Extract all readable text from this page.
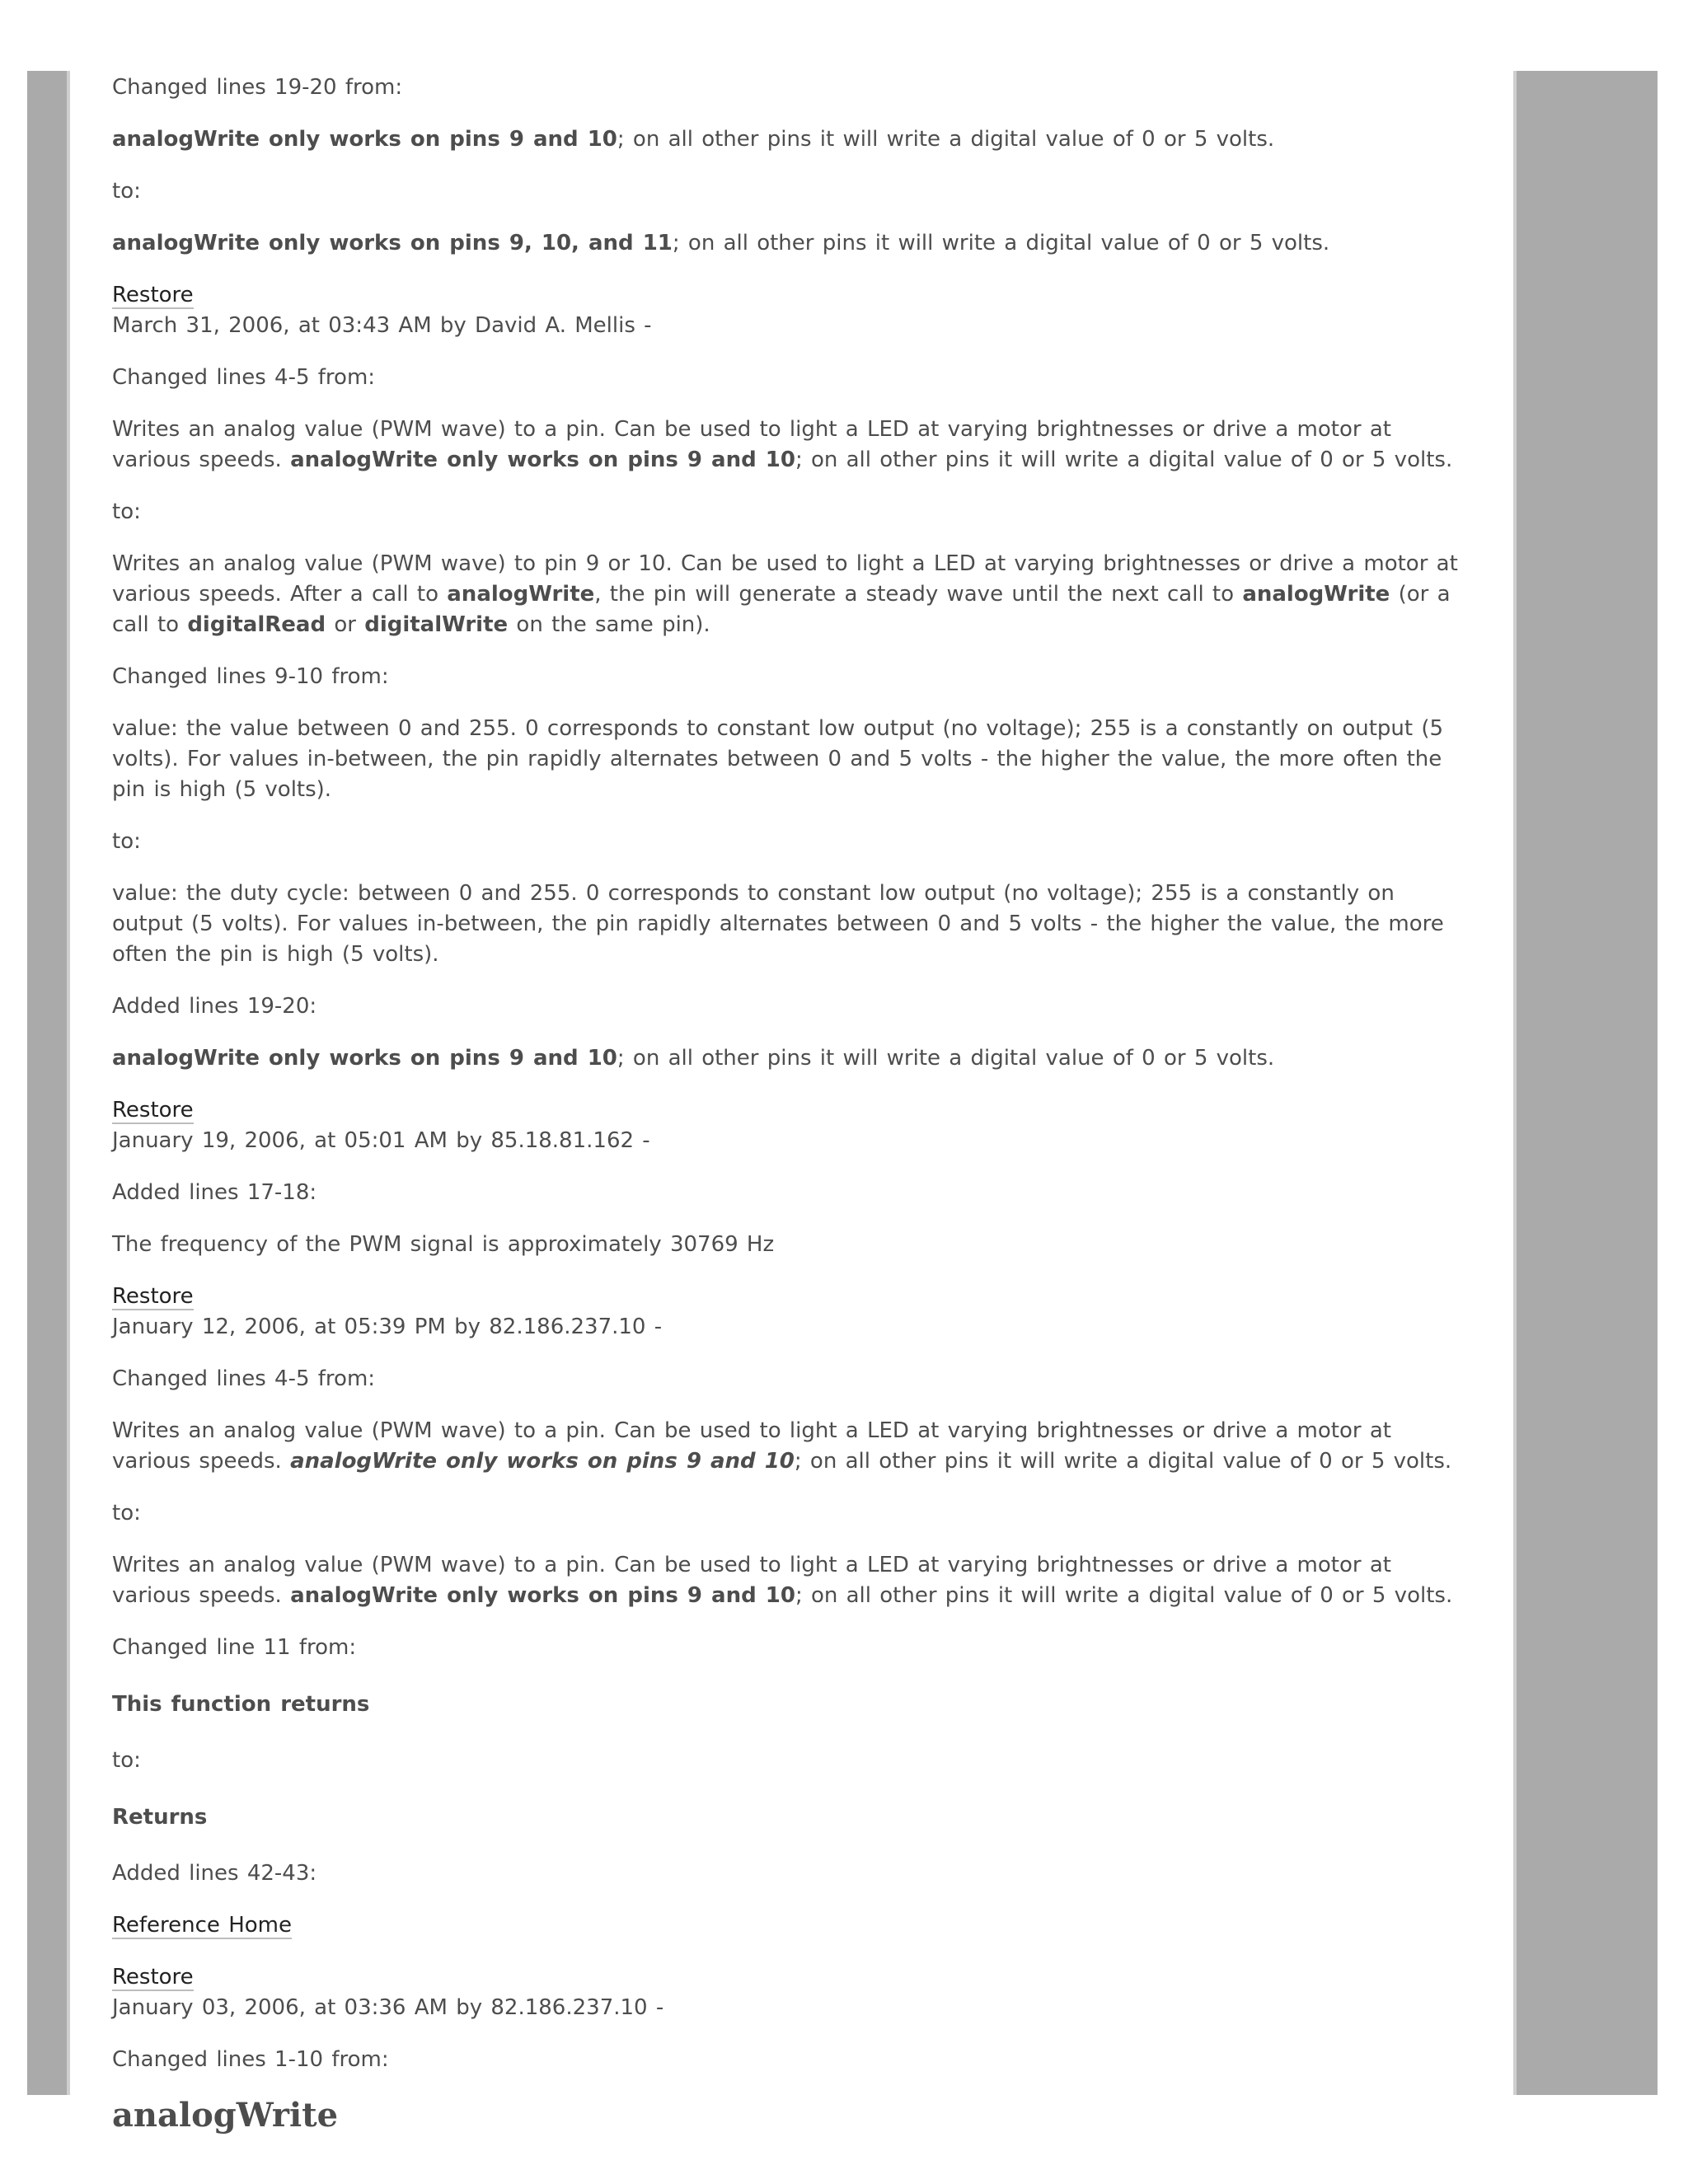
Changed lines 19-20 from:

analogWrite only works on pins 9 and 10; on all other pins it will write a digital value of 0 or 5 volts.

to:

analogWrite only works on pins 9, 10, and 11; on all other pins it will write a digital value of 0 or 5 volts.

Restore

March 31, 2006, at 03:43 AM by David A. Mellis -

Changed lines 4-5 from:

Writes an analog value (PWM wave) to a pin. Can be used to light a LED at varying brightnesses or drive a motor at various speeds. analogWrite only works on pins 9 and 10; on all other pins it will write a digital value of 0 or 5 volts.

to:

Writes an analog value (PWM wave) to pin 9 or 10. Can be used to light a LED at varying brightnesses or drive a motor at various speeds. After a call to analogWrite, the pin will generate a steady wave until the next call to analogWrite (or a call to digitalRead or digitalWrite on the same pin).

Changed lines 9-10 from:

value: the value between 0 and 255. 0 corresponds to constant low output (no voltage); 255 is a constantly on output (5 volts). For values in-between, the pin rapidly alternates between 0 and 5 volts - the higher the value, the more often the pin is high (5 volts).

to:

value: the duty cycle: between 0 and 255. 0 corresponds to constant low output (no voltage); 255 is a constantly on output (5 volts). For values in-between, the pin rapidly alternates between 0 and 5 volts - the higher the value, the more often the pin is high (5 volts).

Added lines 19-20:

analogWrite only works on pins 9 and 10; on all other pins it will write a digital value of 0 or 5 volts.

Restore

January 19, 2006, at 05:01 AM by 85.18.81.162 -

Added lines 17-18:

The frequency of the PWM signal is approximately 30769 Hz

Restore

January 12, 2006, at 05:39 PM by 82.186.237.10 -

Changed lines 4-5 from:

Writes an analog value (PWM wave) to a pin. Can be used to light a LED at varying brightnesses or drive a motor at various speeds. analogWrite only works on pins 9 and 10; on all other pins it will write a digital value of 0 or 5 volts.

to:

Writes an analog value (PWM wave) to a pin. Can be used to light a LED at varying brightnesses or drive a motor at various speeds. analogWrite only works on pins 9 and 10; on all other pins it will write a digital value of 0 or 5 volts.

Changed line 11 from:

This function returns

to:

Returns

Added lines 42-43:

Reference Home

Restore

January 03, 2006, at 03:36 AM by 82.186.237.10 -

Changed lines 1-10 from:

analogWrite
